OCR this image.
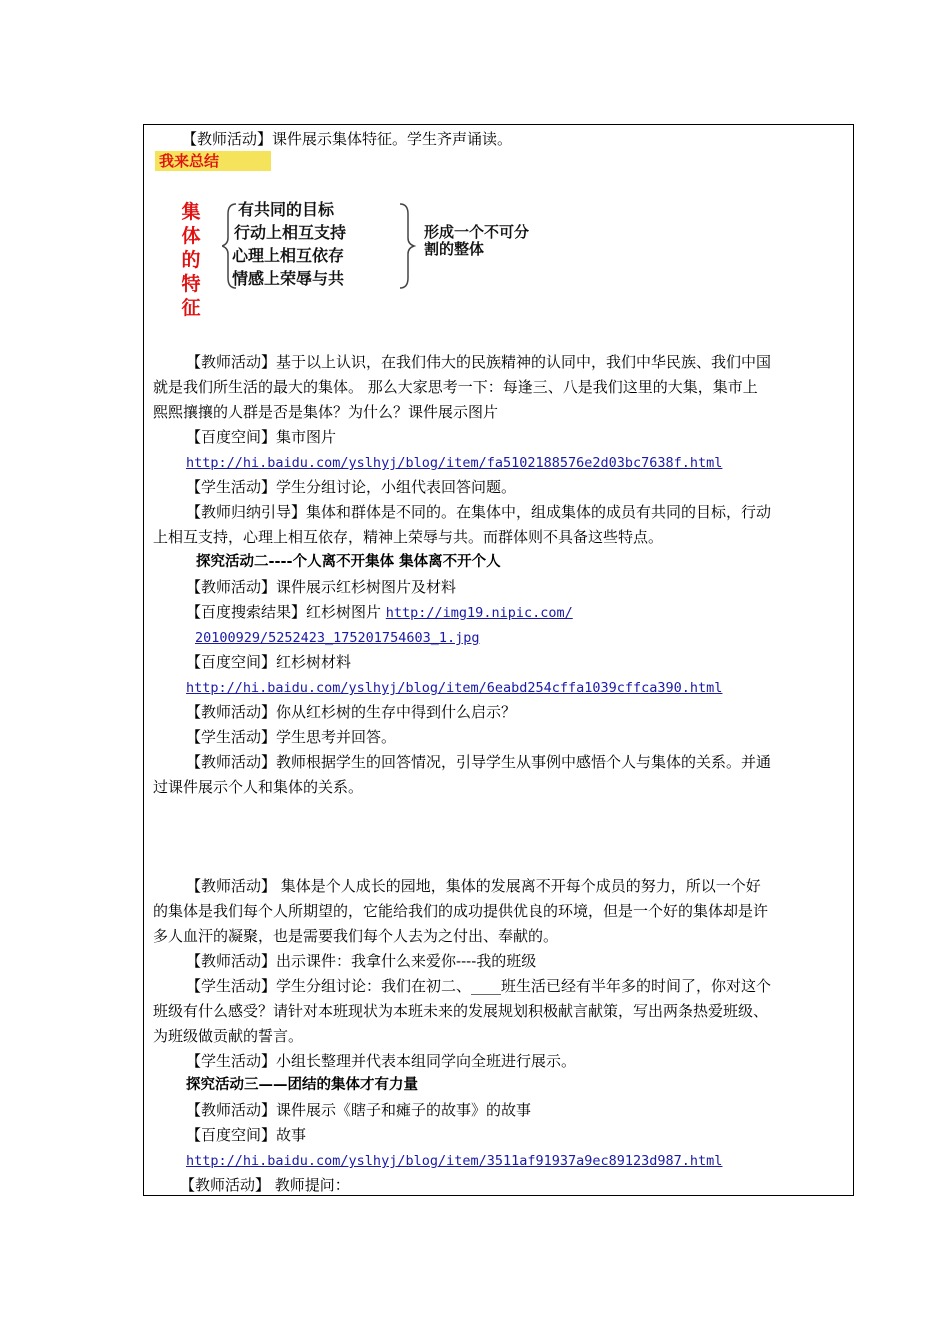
【教师活动】课件展示集体特征。学生齐声诵读。
我来总结
集
体
的
特
征
有共同的目标
行动上相互支持
心理上相互依存
情感上荣辱与共
形成一个不可分割的整体
【教师活动】基于以上认识，在我们伟大的民族精神的认同中，我们中华民族、我们中国
就是我们所生活的最大的集体。 那么大家思考一下：每逢三、八是我们这里的大集，集市上
熙熙攘攘的人群是否是集体？为什么？课件展示图片
【百度空间】集市图片
http://hi.baidu.com/yslhyj/blog/item/fa5102188576e2d03bc7638f.html
【学生活动】学生分组讨论，小组代表回答问题。
【教师归纳引导】集体和群体是不同的。在集体中，组成集体的成员有共同的目标，行动
上相互支持，心理上相互依存，精神上荣辱与共。而群体则不具备这些特点。
探究活动二----个人离不开集体 集体离不开个人
【教师活动】课件展示红杉树图片及材料
【百度搜索结果】红杉树图片 http://img19.nipic.com/
20100929/5252423_175201754603_1.jpg
【百度空间】红杉树材料
http://hi.baidu.com/yslhyj/blog/item/6eabd254cffa1039cffca390.html
【教师活动】你从红杉树的生存中得到什么启示？
【学生活动】学生思考并回答。
【教师活动】教师根据学生的回答情况，引导学生从事例中感悟个人与集体的关系。并通
过课件展示个人和集体的关系。
【教师活动】 集体是个人成长的园地，集体的发展离不开每个成员的努力，所以一个好
的集体是我们每个人所期望的，它能给我们的成功提供优良的环境，但是一个好的集体却是许
多人血汗的凝聚，也是需要我们每个人去为之付出、奉献的。
【教师活动】出示课件：我拿什么来爱你----我的班级
【学生活动】学生分组讨论：我们在初二、____班生活已经有半年多的时间了，你对这个
班级有什么感受？请针对本班现状为本班未来的发展规划积极献言献策，写出两条热爱班级、
为班级做贡献的誓言。
【学生活动】小组长整理并代表本组同学向全班进行展示。
探究活动三——团结的集体才有力量
【教师活动】课件展示《瞎子和瘫子的故事》的故事
【百度空间】故事
http://hi.baidu.com/yslhyj/blog/item/3511af91937a9ec89123d987.html
【教师活动】 教师提问：
